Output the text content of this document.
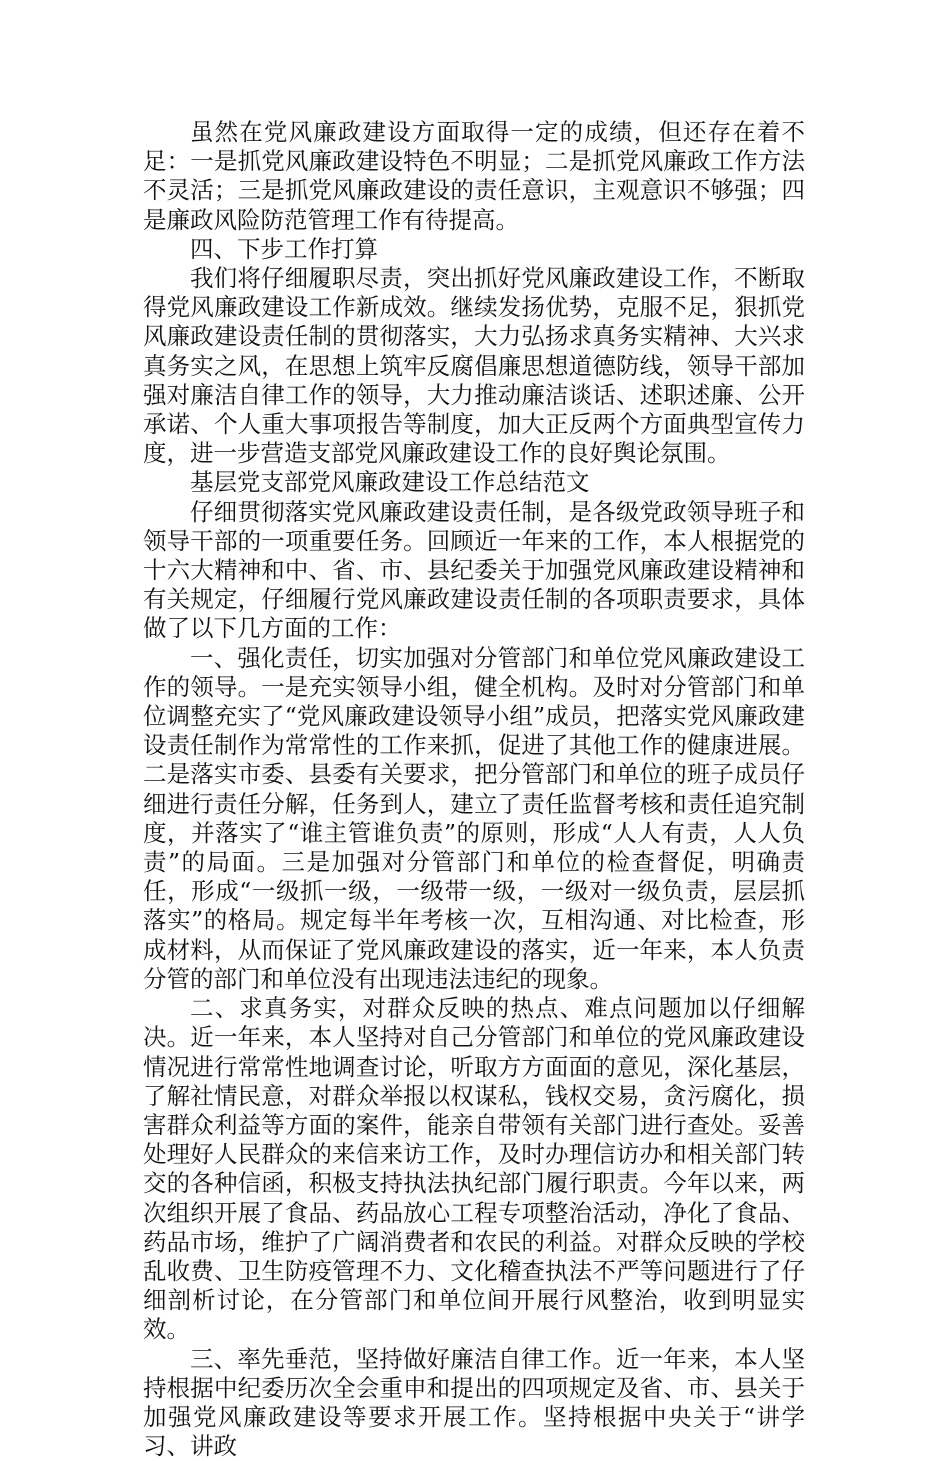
虽然在党风廉政建设方面取得一定的成绩，但还存在着不足：一是抓党风廉政建设特色不明显；二是抓党风廉政工作方法不灵活；三是抓党风廉政建设的责任意识，主观意识不够强；四是廉政风险防范管理工作有待提高。

四、下步工作打算

我们将仔细履职尽责，突出抓好党风廉政建设工作，不断取得党风廉政建设工作新成效。继续发扬优势，克服不足，狠抓党风廉政建设责任制的贯彻落实，大力弘扬求真务实精神、大兴求真务实之风，在思想上筑牢反腐倡廉思想道德防线，领导干部加强对廉洁自律工作的领导，大力推动廉洁谈话、述职述廉、公开承诺、个人重大事项报告等制度，加大正反两个方面典型宣传力度，进一步营造支部党风廉政建设工作的良好舆论氛围。

基层党支部党风廉政建设工作总结范文

仔细贯彻落实党风廉政建设责任制，是各级党政领导班子和领导干部的一项重要任务。回顾近一年来的工作，本人根据党的十六大精神和中、省、市、县纪委关于加强党风廉政建设精神和有关规定，仔细履行党风廉政建设责任制的各项职责要求，具体做了以下几方面的工作：

一、强化责任，切实加强对分管部门和单位党风廉政建设工作的领导。一是充实领导小组，健全机构。及时对分管部门和单位调整充实了“党风廉政建设领导小组”成员，把落实党风廉政建设责任制作为常常性的工作来抓，促进了其他工作的健康进展。二是落实市委、县委有关要求，把分管部门和单位的班子成员仔细进行责任分解，任务到人，建立了责任监督考核和责任追究制度，并落实了“谁主管谁负责”的原则，形成“人人有责，人人负责”的局面。三是加强对分管部门和单位的检查督促，明确责任，形成“一级抓一级，一级带一级，一级对一级负责，层层抓落实”的格局。规定每半年考核一次，互相沟通、对比检查，形成材料，从而保证了党风廉政建设的落实，近一年来，本人负责分管的部门和单位没有出现违法违纪的现象。

二、求真务实，对群众反映的热点、难点问题加以仔细解决。近一年来，本人坚持对自己分管部门和单位的党风廉政建设情况进行常常性地调查讨论，听取方方面面的意见，深化基层，了解社情民意，对群众举报以权谋私，钱权交易，贪污腐化，损害群众利益等方面的案件，能亲自带领有关部门进行查处。妥善处理好人民群众的来信来访工作，及时办理信访办和相关部门转交的各种信函，积极支持执法执纪部门履行职责。今年以来，两次组织开展了食品、药品放心工程专项整治活动，净化了食品、药品市场，维护了广阔消费者和农民的利益。对群众反映的学校乱收费、卫生防疫管理不力、文化稽查执法不严等问题进行了仔细剖析讨论，在分管部门和单位间开展行风整治，收到明显实效。

三、率先垂范，坚持做好廉洁自律工作。近一年来，本人坚持根据中纪委历次全会重申和提出的四项规定及省、市、县关于加强党风廉政建设等要求开展工作。坚持根据中央关于“讲学习、讲政
